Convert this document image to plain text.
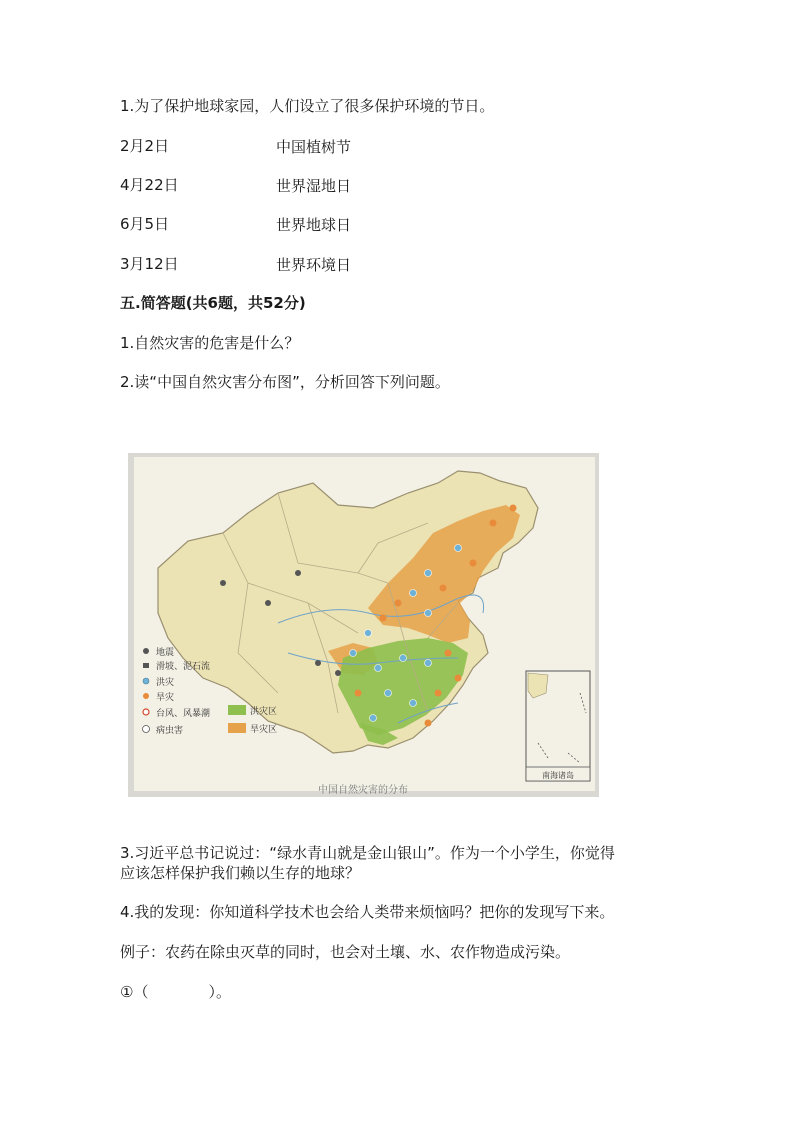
1.为了保护地球家园，人们设立了很多保护环境的节日。
2月2日	中国植树节
4月22日	世界湿地日
6月5日	世界地球日
3月12日	世界环境日
五.简答题(共6题，共52分)
1.自然灾害的危害是什么？
2.读“中国自然灾害分布图”，分析回答下列问题。
地震
滑坡、泥石流
洪灾
旱灾
台风、风暴潮
病虫害
洪灾区
旱灾区
南海诸岛
中国自然灾害的分布
3.习近平总书记说过：“绿水青山就是金山银山”。作为一个小学生，你觉得
应该怎样保护我们赖以生存的地球？
4.我的发现：你知道科学技术也会给人类带来烦恼吗？把你的发现写下来。
例子：农药在除虫灭草的同时，也会对土壤、水、农作物造成污染。
①（　　　　）。
